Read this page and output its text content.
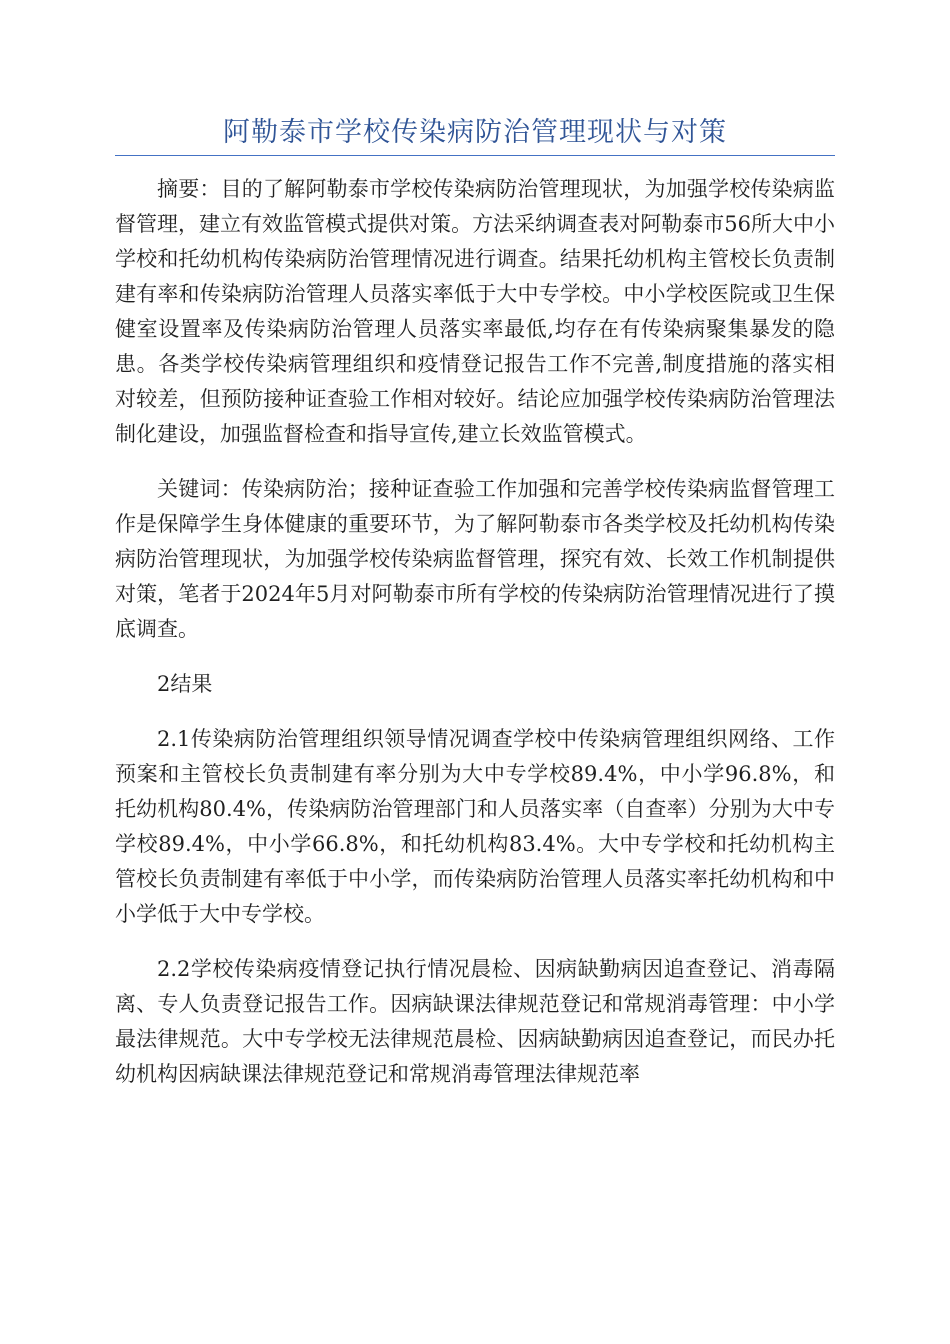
阿勒泰市学校传染病防治管理现状与对策

摘要：目的了解阿勒泰市学校传染病防治管理现状，为加强学校传染病监督管理，建立有效监管模式提供对策。方法采纳调查表对阿勒泰市56所大中小学校和托幼机构传染病防治管理情况进行调查。结果托幼机构主管校长负责制建有率和传染病防治管理人员落实率低于大中专学校。中小学校医院或卫生保健室设置率及传染病防治管理人员落实率最低,均存在有传染病聚集暴发的隐患。各类学校传染病管理组织和疫情登记报告工作不完善,制度措施的落实相对较差，但预防接种证查验工作相对较好。结论应加强学校传染病防治管理法制化建设，加强监督检查和指导宣传,建立长效监管模式。

关键词：传染病防治；接种证查验工作加强和完善学校传染病监督管理工作是保障学生身体健康的重要环节，为了解阿勒泰市各类学校及托幼机构传染病防治管理现状，为加强学校传染病监督管理，探究有效、长效工作机制提供对策，笔者于2024年5月对阿勒泰市所有学校的传染病防治管理情况进行了摸底调查。

2结果

2.1传染病防治管理组织领导情况调查学校中传染病管理组织网络、工作预案和主管校长负责制建有率分别为大中专学校89.4%，中小学96.8%，和托幼机构80.4%，传染病防治管理部门和人员落实率（自查率）分别为大中专学校89.4%，中小学66.8%，和托幼机构83.4%。大中专学校和托幼机构主管校长负责制建有率低于中小学，而传染病防治管理人员落实率托幼机构和中小学低于大中专学校。

2.2学校传染病疫情登记执行情况晨检、因病缺勤病因追查登记、消毒隔离、专人负责登记报告工作。因病缺课法律规范登记和常规消毒管理：中小学最法律规范。大中专学校无法律规范晨检、因病缺勤病因追查登记，而民办托幼机构因病缺课法律规范登记和常规消毒管理法律规范率
